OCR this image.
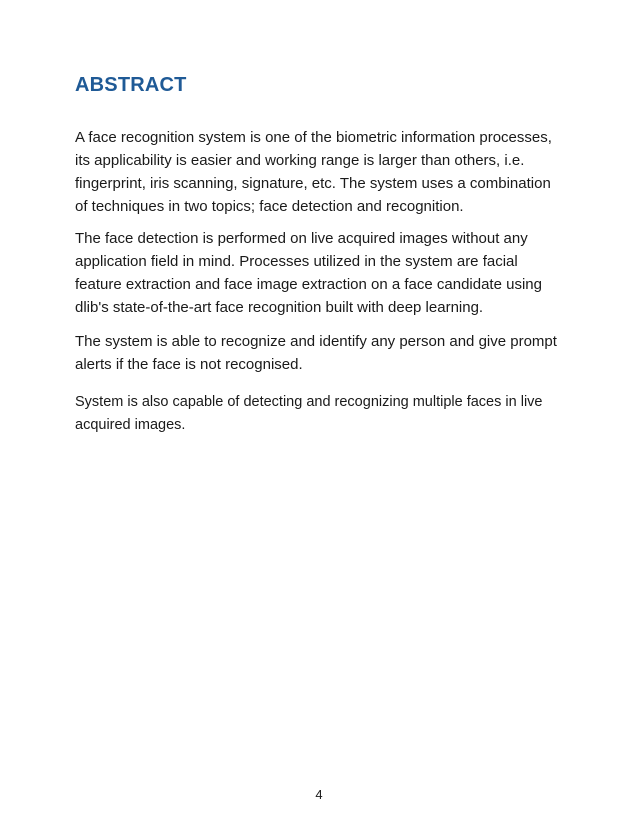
ABSTRACT

A face recognition system is one of the biometric information processes, its applicability is easier and working range is larger than others, i.e. fingerprint, iris scanning, signature, etc. The system uses a combination of techniques in two topics; face detection and recognition.

The face detection is performed on live acquired images without any application field in mind. Processes utilized in the system are facial feature extraction and face image extraction on a face candidate using dlib's state-of-the-art face recognition built with deep learning.

The system is able to recognize and identify any person and give prompt alerts if the face is not recognised.

System is also capable of detecting and recognizing multiple faces in live acquired images.

4
